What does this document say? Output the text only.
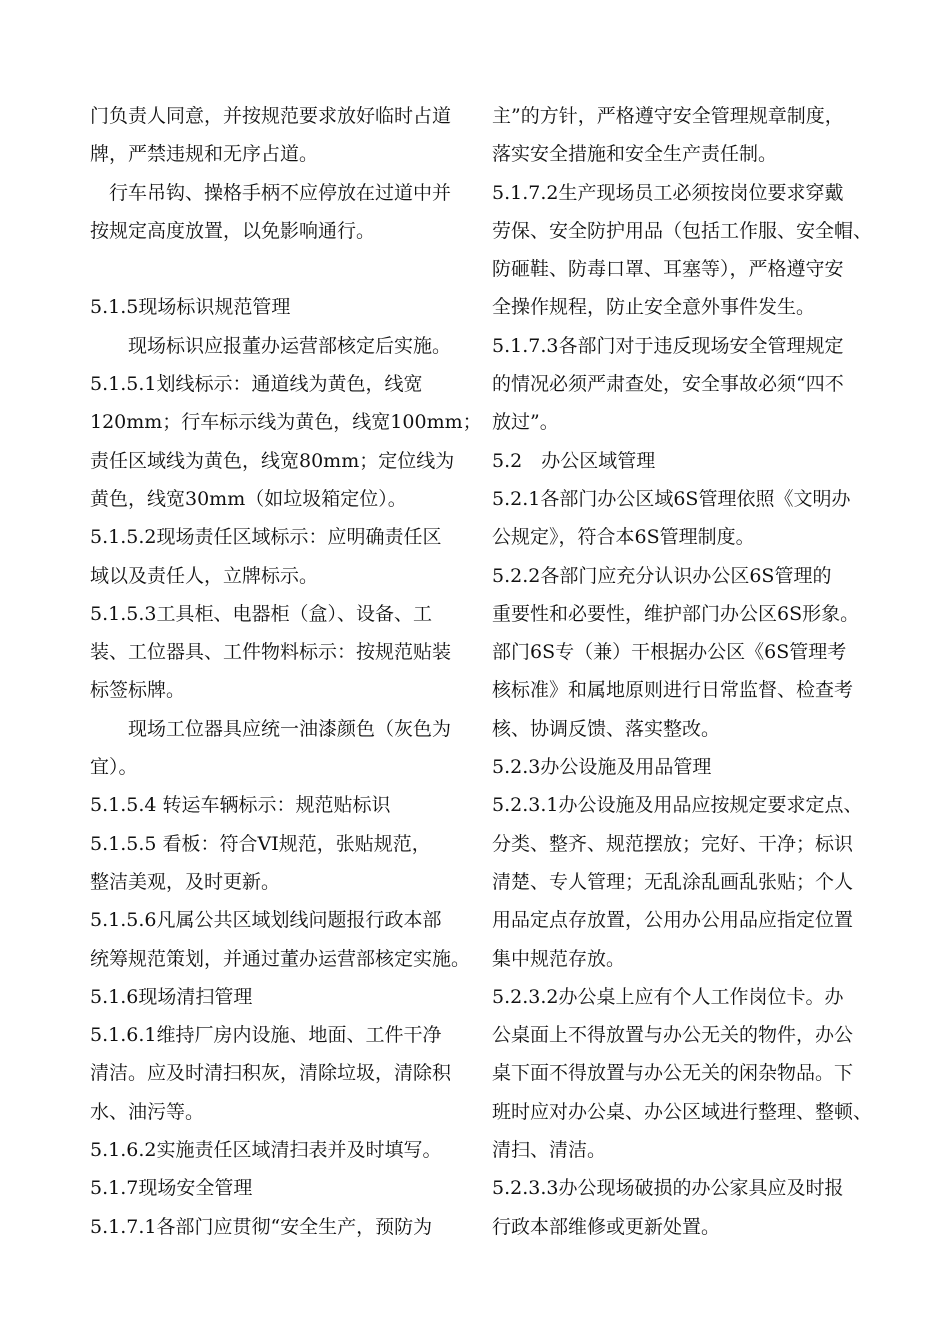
门负责人同意，并按规范要求放好临时占道
牌，严禁违规和无序占道。
　行车吊钩、操格手柄不应停放在过道中并
按规定高度放置，以免影响通行。
5.1.5现场标识规范管理
　　现场标识应报董办运营部核定后实施。
5.1.5.1划线标示：通道线为黄色，线宽
120mm；行车标示线为黄色，线宽100mm；
责任区域线为黄色，线宽80mm；定位线为
黄色，线宽30mm（如垃圾箱定位）。
5.1.5.2现场责任区域标示：应明确责任区
域以及责任人，立牌标示。
5.1.5.3工具柜、电器柜（盒）、设备、工
装、工位器具、工件物料标示：按规范贴装
标签标牌。
　　现场工位器具应统一油漆颜色（灰色为
宜）。
5.1.5.4 转运车辆标示：规范贴标识
5.1.5.5 看板：符合VI规范，张贴规范，
整洁美观，及时更新。
5.1.5.6凡属公共区域划线问题报行政本部
统筹规范策划，并通过董办运营部核定实施。
5.1.6现场清扫管理
5.1.6.1维持厂房内设施、地面、工件干净
清洁。应及时清扫积灰，清除垃圾，清除积
水、油污等。
5.1.6.2实施责任区域清扫表并及时填写。
5.1.7现场安全管理
5.1.7.1各部门应贯彻“安全生产，预防为
主”的方针，严格遵守安全管理规章制度，
落实安全措施和安全生产责任制。
5.1.7.2生产现场员工必须按岗位要求穿戴
劳保、安全防护用品（包括工作服、安全帽、
防砸鞋、防毒口罩、耳塞等），严格遵守安
全操作规程，防止安全意外事件发生。
5.1.7.3各部门对于违反现场安全管理规定
的情况必须严肃查处，安全事故必须“四不
放过”。
5.2　办公区域管理
5.2.1各部门办公区域6S管理依照《文明办
公规定》，符合本6S管理制度。
5.2.2各部门应充分认识办公区6S管理的
重要性和必要性，维护部门办公区6S形象。
部门6S专（兼）干根据办公区《6S管理考
核标准》和属地原则进行日常监督、检查考
核、协调反馈、落实整改。
5.2.3办公设施及用品管理
5.2.3.1办公设施及用品应按规定要求定点、
分类、整齐、规范摆放；完好、干净；标识
清楚、专人管理；无乱涂乱画乱张贴；个人
用品定点存放置，公用办公用品应指定位置
集中规范存放。
5.2.3.2办公桌上应有个人工作岗位卡。办
公桌面上不得放置与办公无关的物件，办公
桌下面不得放置与办公无关的闲杂物品。下
班时应对办公桌、办公区域进行整理、整顿、
清扫、清洁。
5.2.3.3办公现场破损的办公家具应及时报
行政本部维修或更新处置。
